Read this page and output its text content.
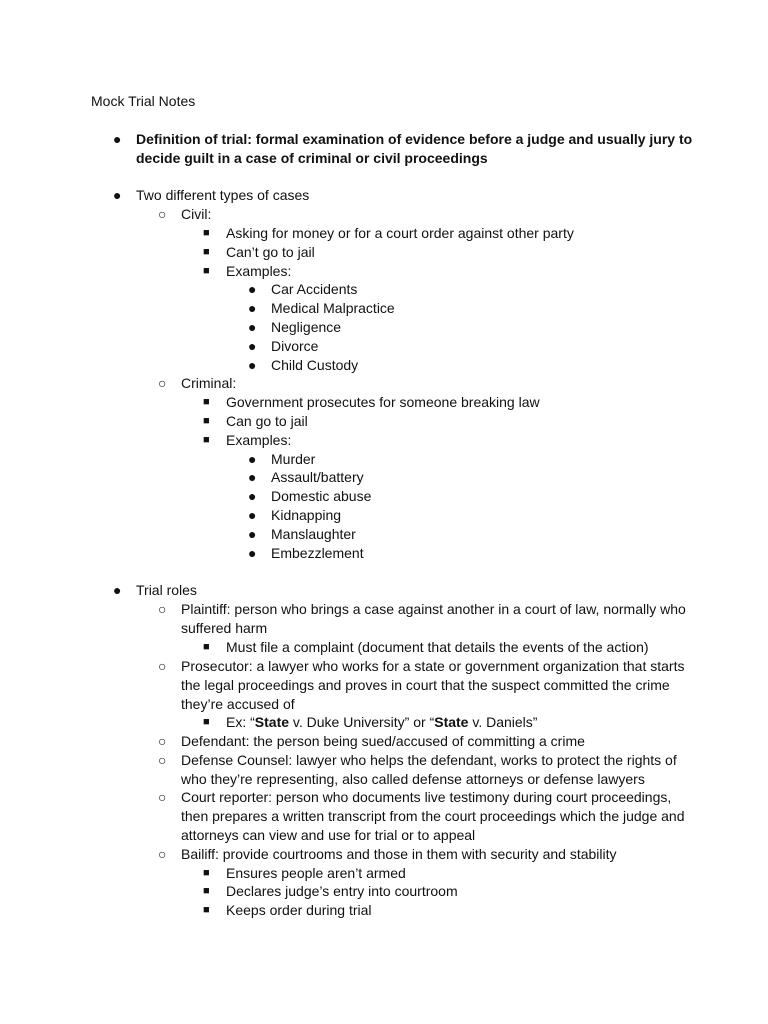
Mock Trial Notes
● Definition of trial: formal examination of evidence before a judge and usually jury to decide guilt in a case of criminal or civil proceedings
● Two different types of cases
○ Civil:
■ Asking for money or for a court order against other party
■ Can’t go to jail
■ Examples:
● Car Accidents
● Medical Malpractice
● Negligence
● Divorce
● Child Custody
○ Criminal:
■ Government prosecutes for someone breaking law
■ Can go to jail
■ Examples:
● Murder
● Assault/battery
● Domestic abuse
● Kidnapping
● Manslaughter
● Embezzlement
● Trial roles
○ Plaintiff: person who brings a case against another in a court of law, normally who suffered harm
■ Must file a complaint (document that details the events of the action)
○ Prosecutor: a lawyer who works for a state or government organization that starts the legal proceedings and proves in court that the suspect committed the crime they’re accused of
■ Ex: “State v. Duke University” or “State v. Daniels”
○ Defendant: the person being sued/accused of committing a crime
○ Defense Counsel: lawyer who helps the defendant, works to protect the rights of who they’re representing, also called defense attorneys or defense lawyers
○ Court reporter: person who documents live testimony during court proceedings, then prepares a written transcript from the court proceedings which the judge and attorneys can view and use for trial or to appeal
○ Bailiff: provide courtrooms and those in them with security and stability
■ Ensures people aren’t armed
■ Declares judge’s entry into courtroom
■ Keeps order during trial
